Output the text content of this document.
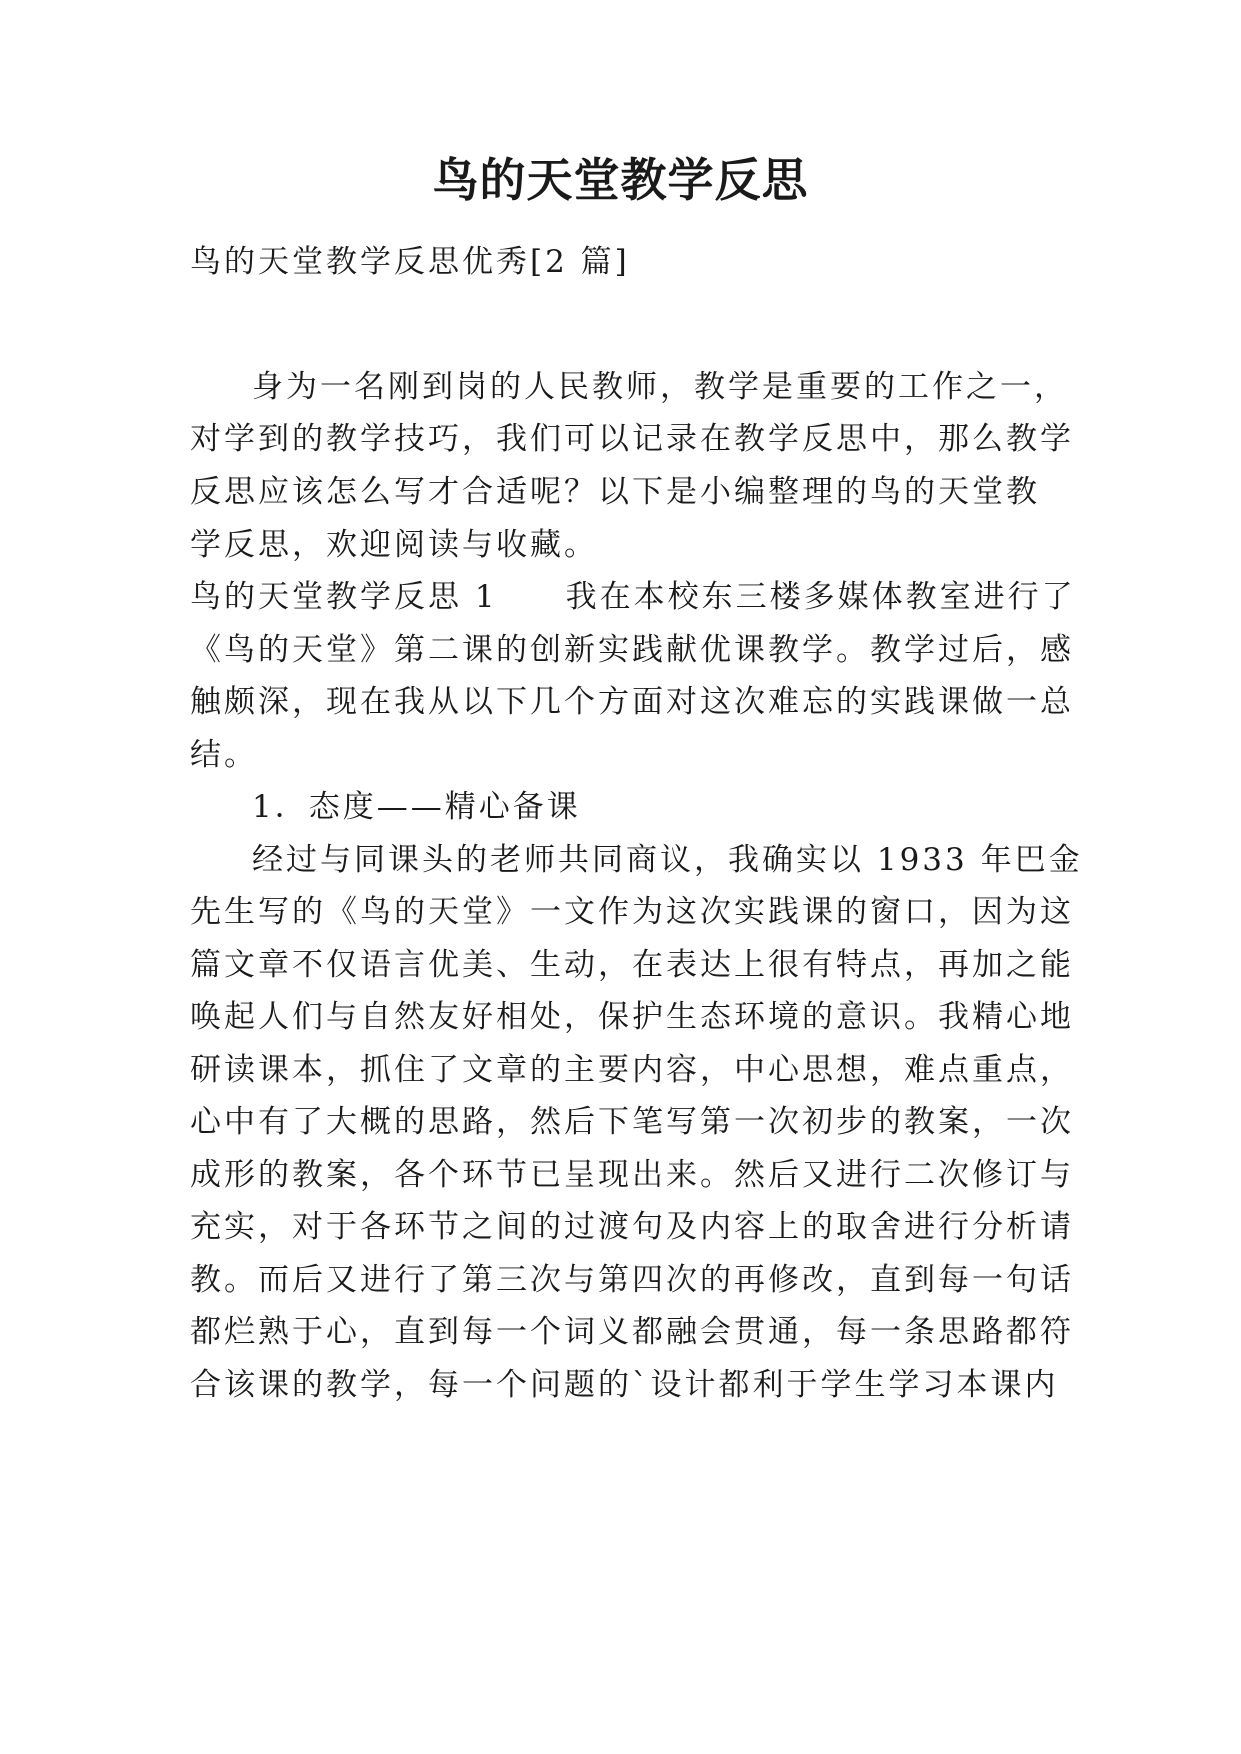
鸟的天堂教学反思
鸟的天堂教学反思优秀[2 篇]
身为一名刚到岗的人民教师，教学是重要的工作之一，
对学到的教学技巧，我们可以记录在教学反思中，那么教学
反思应该怎么写才合适呢？以下是小编整理的鸟的天堂教
学反思，欢迎阅读与收藏。
鸟的天堂教学反思 1　　我在本校东三楼多媒体教室进行了
《鸟的天堂》第二课的创新实践献优课教学。教学过后，感
触颇深，现在我从以下几个方面对这次难忘的实践课做一总
结。
1．态度——精心备课
经过与同课头的老师共同商议，我确实以 1933 年巴金
先生写的《鸟的天堂》一文作为这次实践课的窗口，因为这
篇文章不仅语言优美、生动，在表达上很有特点，再加之能
唤起人们与自然友好相处，保护生态环境的意识。我精心地
研读课本，抓住了文章的主要内容，中心思想，难点重点，
心中有了大概的思路，然后下笔写第一次初步的教案，一次
成形的教案，各个环节已呈现出来。然后又进行二次修订与
充实，对于各环节之间的过渡句及内容上的取舍进行分析请
教。而后又进行了第三次与第四次的再修改，直到每一句话
都烂熟于心，直到每一个词义都融会贯通，每一条思路都符
合该课的教学，每一个问题的`设计都利于学生学习本课内
